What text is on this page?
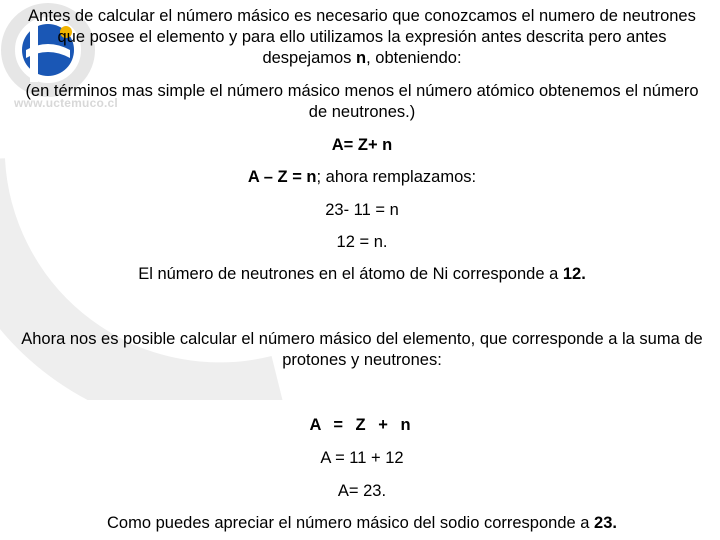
www.uctemuco.cl
Antes de calcular el número másico es necesario que conozcamos el numero de neutrones que posee el elemento y para ello utilizamos la expresión antes descrita pero antes despejamos n, obteniendo:
(en términos mas simple el número másico menos el número atómico obtenemos el número de neutrones.)
A= Z+ n
A – Z = n; ahora remplazamos:
23- 11 = n
12 = n.
El número de neutrones en el átomo de Ni corresponde a 12.
Ahora nos es posible calcular el número másico del elemento, que corresponde a la suma de protones y neutrones:
A = Z + n
A = 11 + 12
A= 23.
Como puedes apreciar el número másico del sodio corresponde a 23.
